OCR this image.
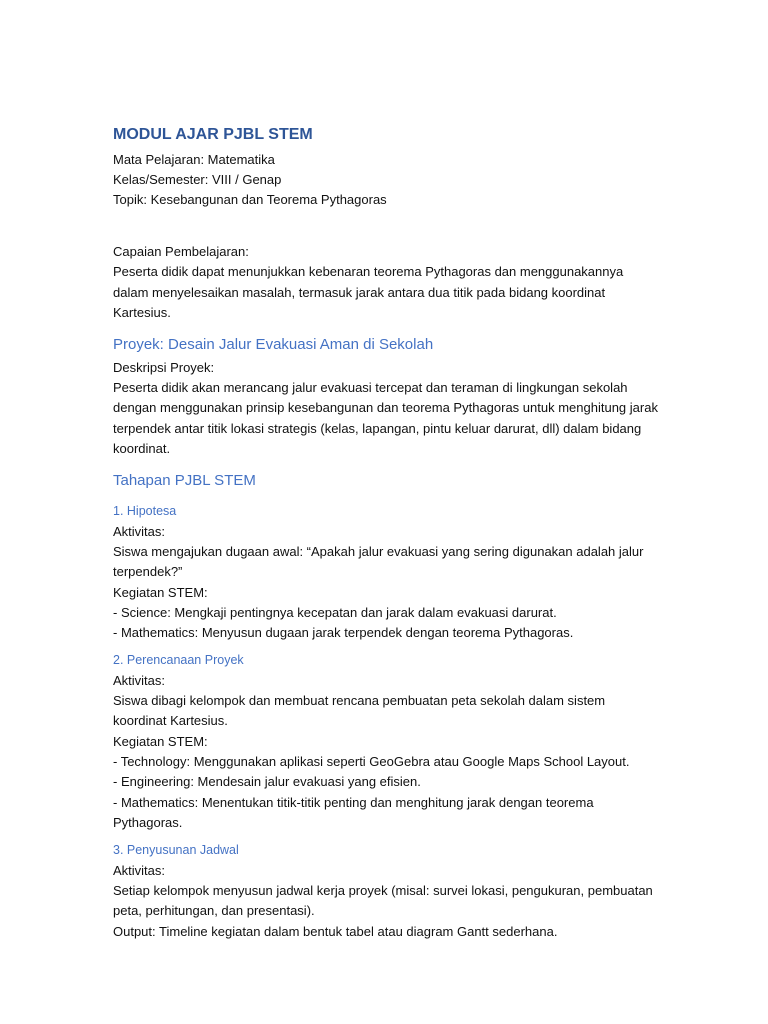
MODUL AJAR PJBL STEM

Mata Pelajaran: Matematika

Kelas/Semester: VIII / Genap

Topik: Kesebangunan dan Teorema Pythagoras

Capaian Pembelajaran:

Peserta didik dapat menunjukkan kebenaran teorema Pythagoras dan menggunakannya dalam menyelesaikan masalah, termasuk jarak antara dua titik pada bidang koordinat Kartesius.

Proyek: Desain Jalur Evakuasi Aman di Sekolah

Deskripsi Proyek:

Peserta didik akan merancang jalur evakuasi tercepat dan teraman di lingkungan sekolah dengan menggunakan prinsip kesebangunan dan teorema Pythagoras untuk menghitung jarak terpendek antar titik lokasi strategis (kelas, lapangan, pintu keluar darurat, dll) dalam bidang koordinat.

Tahapan PJBL STEM
1. Hipotesa

Aktivitas:

Siswa mengajukan dugaan awal: “Apakah jalur evakuasi yang sering digunakan adalah jalur terpendek?”

Kegiatan STEM:

- Science: Mengkaji pentingnya kecepatan dan jarak dalam evakuasi darurat.

- Mathematics: Menyusun dugaan jarak terpendek dengan teorema Pythagoras.

2. Perencanaan Proyek

Aktivitas:

Siswa dibagi kelompok dan membuat rencana pembuatan peta sekolah dalam sistem koordinat Kartesius.

Kegiatan STEM:

- Technology: Menggunakan aplikasi seperti GeoGebra atau Google Maps School Layout.

- Engineering: Mendesain jalur evakuasi yang efisien.

- Mathematics: Menentukan titik-titik penting dan menghitung jarak dengan teorema Pythagoras.

3. Penyusunan Jadwal

Aktivitas:

Setiap kelompok menyusun jadwal kerja proyek (misal: survei lokasi, pengukuran, pembuatan peta, perhitungan, dan presentasi).

Output: Timeline kegiatan dalam bentuk tabel atau diagram Gantt sederhana.
